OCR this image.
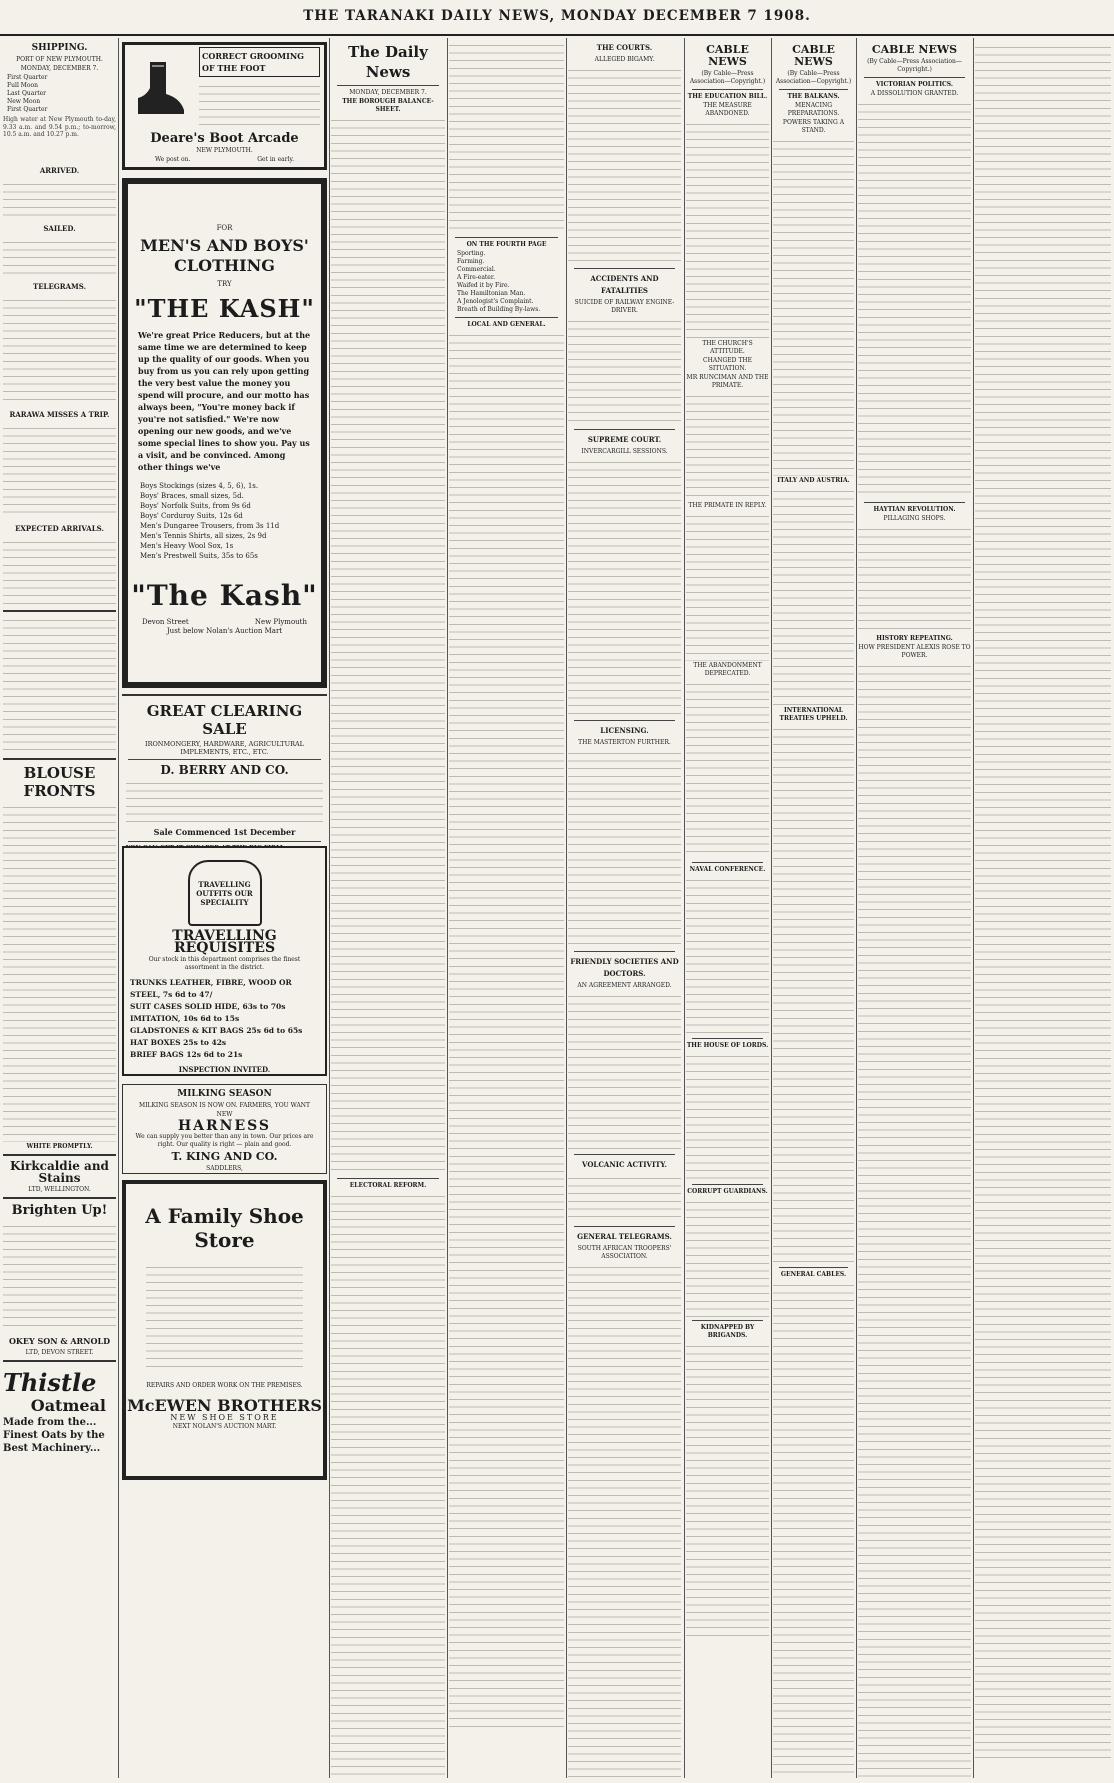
THE TARANAKI DAILY NEWS, MONDAY DECEMBER 7 1908.
SHIPPING.
PORT OF NEW PLYMOUTH.
MONDAY, DECEMBER 7.
First Quarter
Full Moon
Last Quarter
New Moon
First Quarter
High water at New Plymouth to-day, 9.33 a.m. and 9.54 p.m.; to-morrow, 10.5 a.m. and 10.27 p.m.
ARRIVED.
SAILED.
TELEGRAMS.
RARAWA MISSES A TRIP.
EXPECTED ARRIVALS.
BLOUSE FRONTS
WHITE PROMPTLY.
Kirkcaldie and Stains
LTD, WELLINGTON.
Brighten Up!
OKEY SON & ARNOLD
LTD, DEVON STREET.
Thistle
Oatmeal
Made from the...
Finest Oats by the
Best Machinery...
CORRECT GROOMING OF THE FOOT
Deare's Boot Arcade
NEW PLYMOUTH.
We post on.	Get in early.
FOR
MEN'S AND BOYS' CLOTHING
TRY
"THE KASH"
We're great Price Reducers, but at the same time we are determined to keep up the quality of our goods. When you buy from us you can rely upon getting the very best value the money you spend will procure, and our motto has always been, "You're money back if you're not satisfied." We're now opening our new goods, and we've some special lines to show you. Pay us a visit, and be convinced. Among other things we've
Boys Stockings (sizes 4, 5, 6), 1s.
Boys' Braces, small sizes, 5d.
Boys' Norfolk Suits, from 9s 6d
Boys' Corduroy Suits, 12s 6d
Men's Dungaree Trousers, from 3s 11d
Men's Tennis Shirts, all sizes, 2s 9d
Men's Heavy Wool Sox, 1s
Men's Prestwell Suits, 35s to 65s
"The Kash"
Devon Street	New Plymouth
Just below Nolan's Auction Mart
GREAT CLEARING SALE
IRONMONGERY, HARDWARE, AGRICULTURAL IMPLEMENTS, ETC., ETC.
D. BERRY AND CO.
Sale Commenced 1st December
TRAVELLING OUTFITS OUR SPECIALITY
TRAVELLING REQUISITES
Our stock in this department comprises the finest assortment in the district.
TRUNKS LEATHER, FIBRE, WOOD OR STEEL, 7s 6d to 47/
SUIT CASES SOLID HIDE, 63s to 70s IMITATION, 10s 6d to 15s
GLADSTONES & KIT BAGS 25s 6d to 65s
HAT BOXES 25s to 42s
BRIEF BAGS 12s 6d to 21s
INSPECTION INVITED.
MILKING SEASON
MILKING SEASON IS NOW ON. FARMERS, YOU WANT
NEW
HARNESS
We can supply you better than any in town. Our prices are right. Our quality is right — plain and good.
T. KING AND CO.
SADDLERS,
A Family Shoe Store
REPAIRS AND ORDER WORK ON THE PREMISES.
McEWEN BROTHERS
NEW SHOE STORE
NEXT NOLAN'S AUCTION MART.
The Daily News
MONDAY, DECEMBER 7.
THE BOROUGH BALANCE-SHEET.
ELECTORAL REFORM.
ON THE FOURTH PAGE
Sporting.
Farming.
Commercial.
A Fire-eater.
Waifed it by Fire.
The Hamiltonian Man.
A Jenologist's Complaint.
Breath of Building By-laws.
LOCAL AND GENERAL.
THE COURTS.
ALLEGED BIGAMY.
ACCIDENTS AND FATALITIES
SUICIDE OF RAILWAY ENGINE-DRIVER.
SUPREME COURT.
INVERCARGILL SESSIONS.
LICENSING.
THE MASTERTON FURTHER.
FRIENDLY SOCIETIES AND DOCTORS.
AN AGREEMENT ARRANGED.
VOLCANIC ACTIVITY.
GENERAL TELEGRAMS.
SOUTH AFRICAN TROOPERS' ASSOCIATION.
CABLE NEWS
(By Cable—Press Association—Copyright.)
THE EDUCATION BILL.
THE MEASURE ABANDONED.
THE CHURCH'S ATTITUDE.
CHANGED THE SITUATION.
MR RUNCIMAN AND THE PRIMATE.
THE PRIMATE IN REPLY.
THE ABANDONMENT DEPRECATED.
NAVAL CONFERENCE.
THE HOUSE OF LORDS.
CORRUPT GUARDIANS.
KIDNAPPED BY BRIGANDS.
CABLE NEWS
(By Cable—Press Association—Copyright.)
THE BALKANS.
MENACING PREPARATIONS.
POWERS TAKING A STAND.
ITALY AND AUSTRIA.
INTERNATIONAL TREATIES UPHELD.
GENERAL CABLES.
CABLE NEWS
(By Cable—Press Association—Copyright.)
VICTORIAN POLITICS.
A DISSOLUTION GRANTED.
HAYTIAN REVOLUTION.
PILLAGING SHOPS.
HISTORY REPEATING.
HOW PRESIDENT ALEXIS ROSE TO POWER.
